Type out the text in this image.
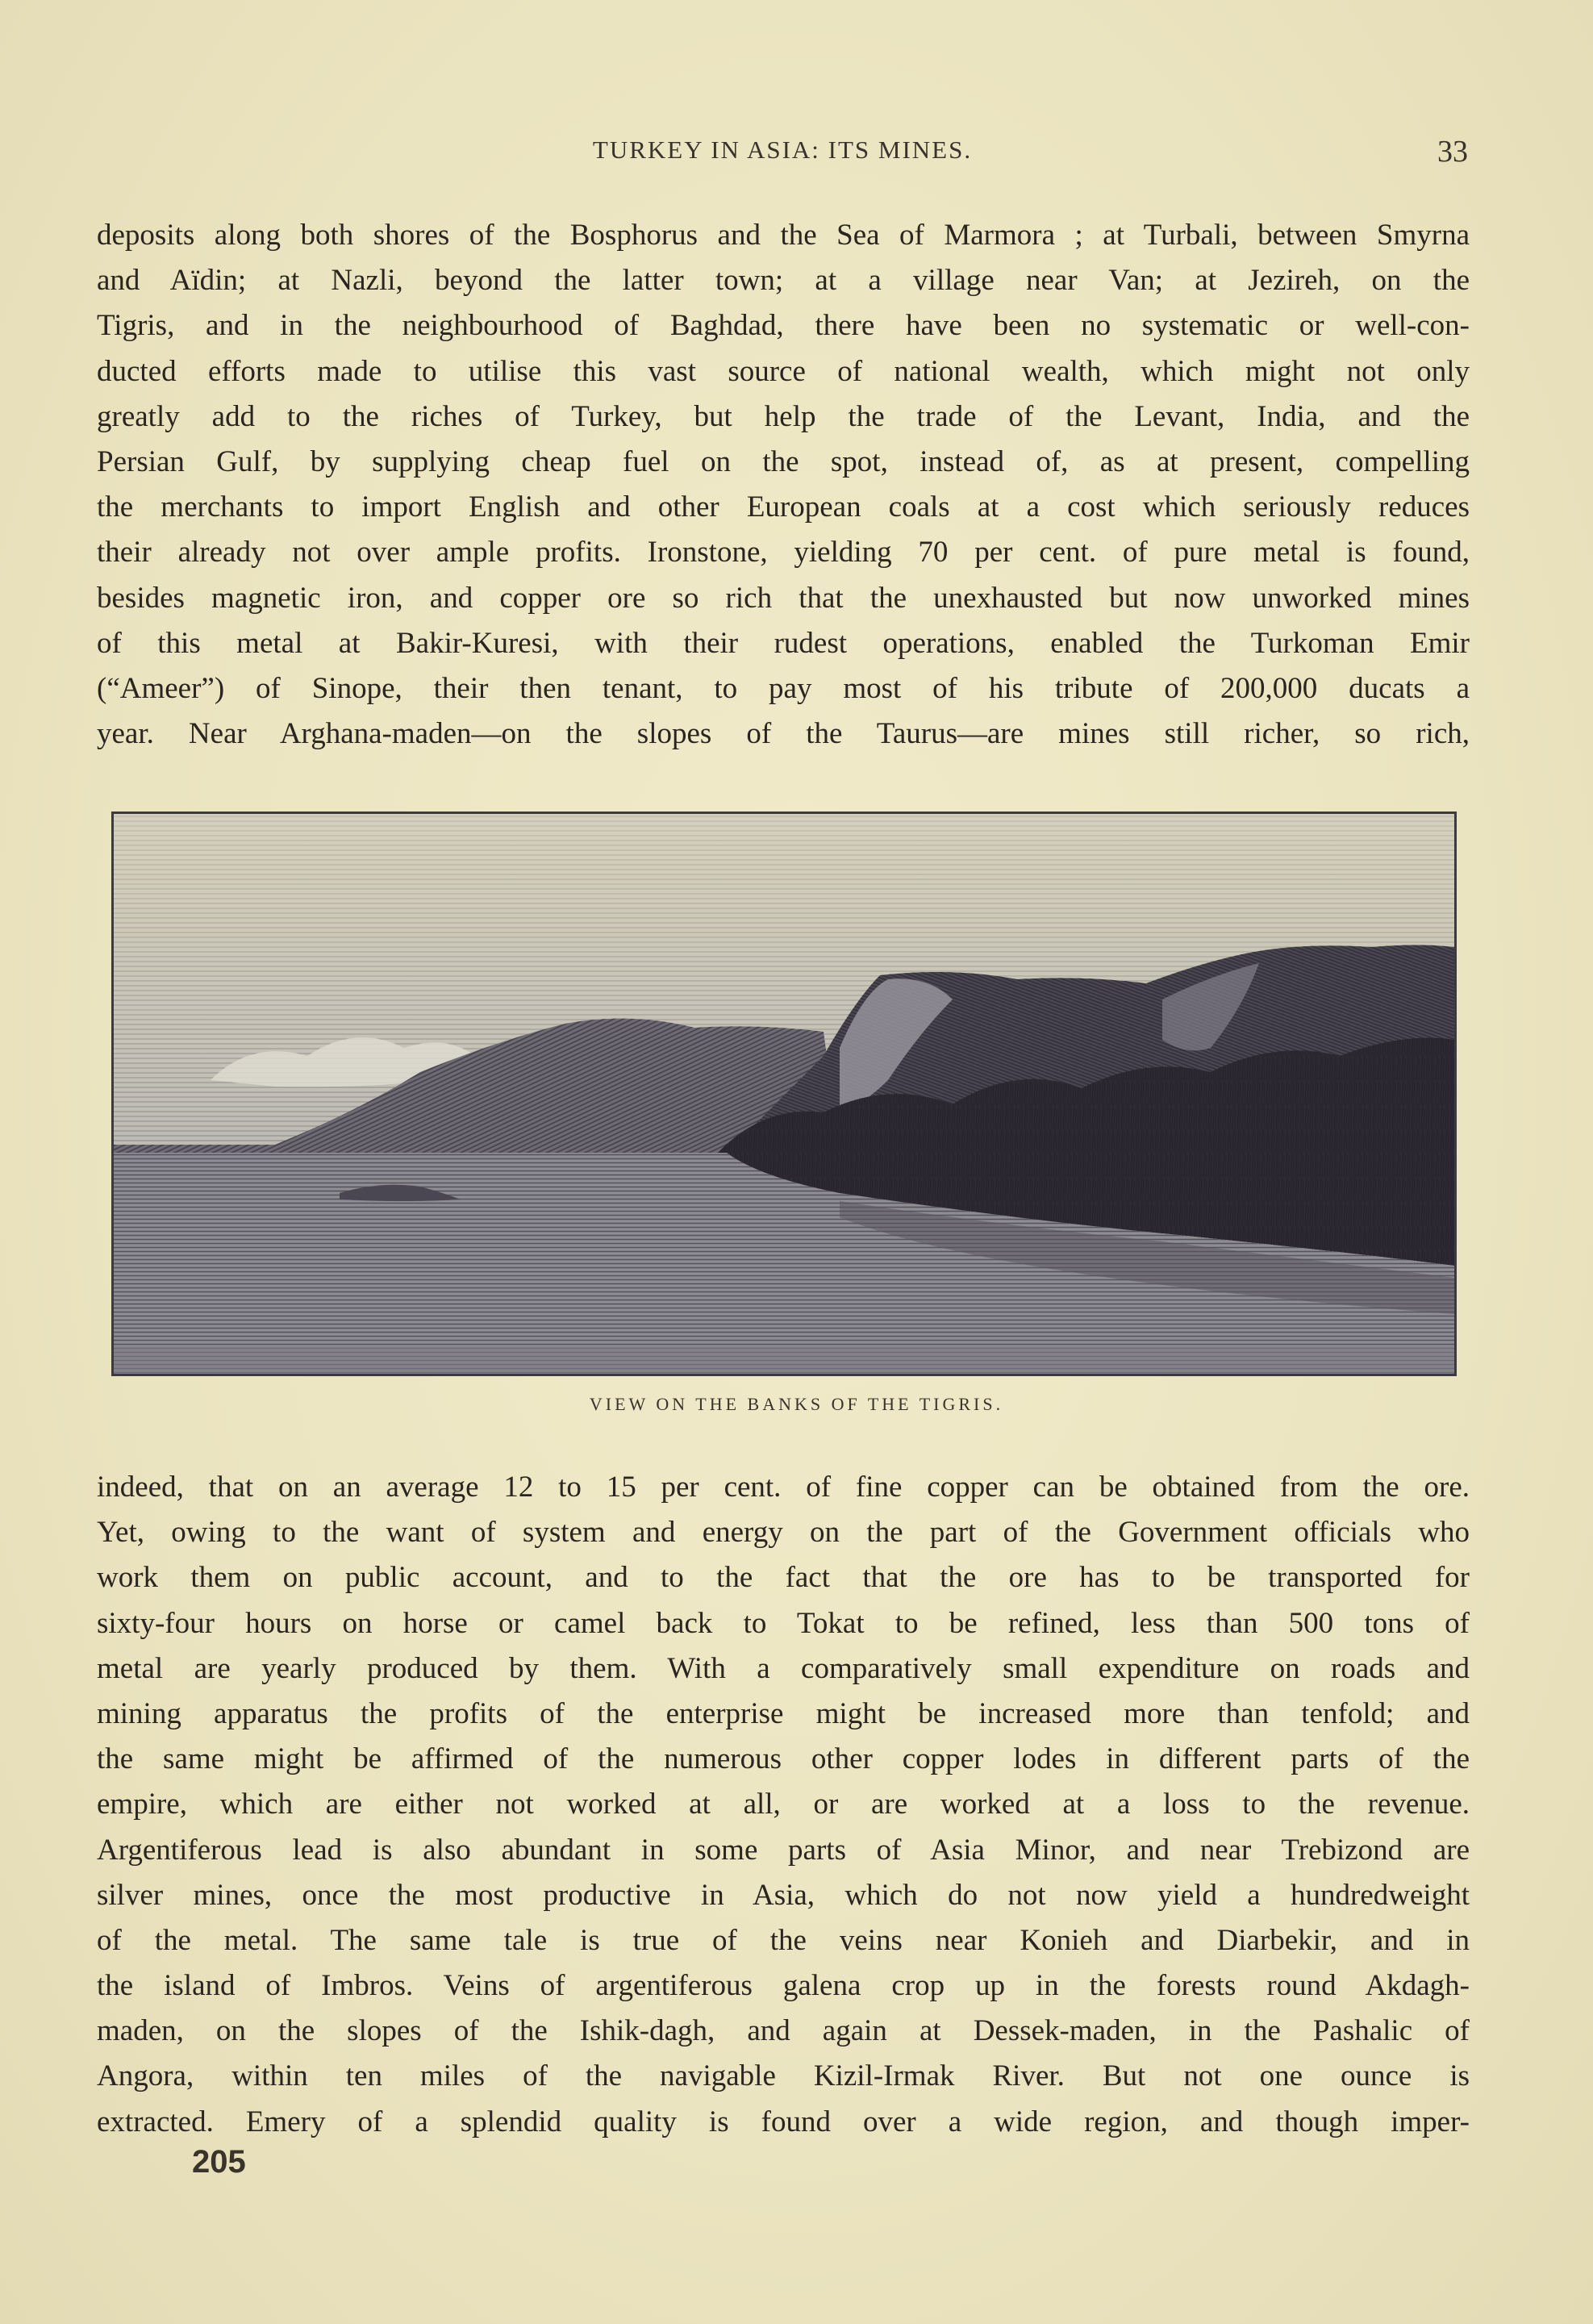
TURKEY IN ASIA: ITS MINES.	33
deposits along both shores of the Bosphorus and the Sea of Marmora ; at Turbali, between Smyrna
and Aïdin; at Nazli, beyond the latter town; at a village near Van; at Jezireh, on the
Tigris, and in the neighbourhood of Baghdad, there have been no systematic or well-con-
ducted efforts made to utilise this vast source of national wealth, which might not only
greatly add to the riches of Turkey, but help the trade of the Levant, India, and the
Persian Gulf, by supplying cheap fuel on the spot, instead of, as at present, compelling
the merchants to import English and other European coals at a cost which seriously reduces
their already not over ample profits. Ironstone, yielding 70 per cent. of pure metal is found,
besides magnetic iron, and copper ore so rich that the unexhausted but now unworked mines
of this metal at Bakir-Kuresi, with their rudest operations, enabled the Turkoman Emir
(“Ameer”) of Sinope, their then tenant, to pay most of his tribute of 200,000 ducats a
year. Near Arghana-maden—on the slopes of the Taurus—are mines still richer, so rich,
VIEW ON THE BANKS OF THE TIGRIS.
indeed, that on an average 12 to 15 per cent. of fine copper can be obtained from the ore.
Yet, owing to the want of system and energy on the part of the Government officials who
work them on public account, and to the fact that the ore has to be transported for
sixty-four hours on horse or camel back to Tokat to be refined, less than 500 tons of
metal are yearly produced by them. With a comparatively small expenditure on roads and
mining apparatus the profits of the enterprise might be increased more than tenfold; and
the same might be affirmed of the numerous other copper lodes in different parts of the
empire, which are either not worked at all, or are worked at a loss to the revenue.
Argentiferous lead is also abundant in some parts of Asia Minor, and near Trebizond are
silver mines, once the most productive in Asia, which do not now yield a hundredweight
of the metal. The same tale is true of the veins near Konieh and Diarbekir, and in
the island of Imbros. Veins of argentiferous galena crop up in the forests round Akdagh-
maden, on the slopes of the Ishik-dagh, and again at Dessek-maden, in the Pashalic of
Angora, within ten miles of the navigable Kizil-Irmak River. But not one ounce is
extracted. Emery of a splendid quality is found over a wide region, and though imper-
205
